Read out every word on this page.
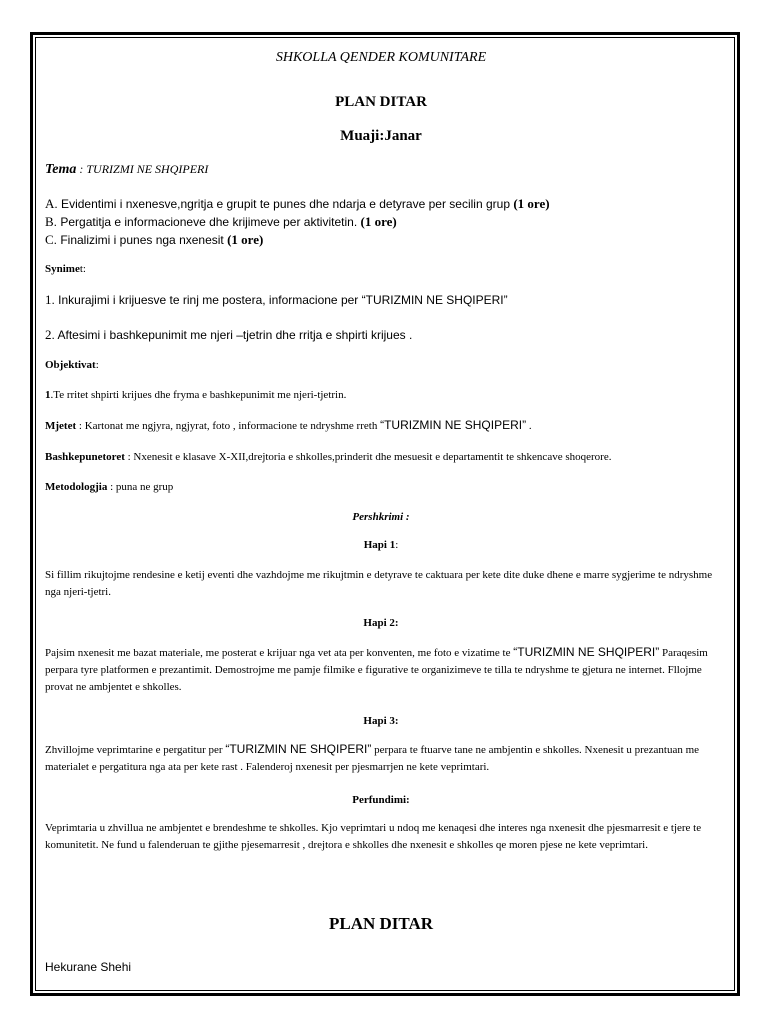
SHKOLLA QENDER KOMUNITARE

PLAN DITAR

Muaji:Janar

Tema : TURIZMI NE SHQIPERI

A. Evidentimi i nxenesve,ngritja e grupit te punes dhe ndarja e detyrave per secilin grup (1 ore)

B. Pergatitja e informacioneve dhe krijimeve per aktivitetin. (1 ore)

C. Finalizimi i punes nga nxenesit (1 ore)

Synimet:

1. Inkurajimi i krijuesve te rinj me postera, informacione per “TURIZMIN NE SHQIPERI”

2. Aftesimi i bashkepunimit me njeri –tjetrin dhe rritja e shpirti krijues .

Objektivat:

1.Te rritet shpirti krijues dhe fryma e bashkepunimit me njeri-tjetrin.

Mjetet : Kartonat me ngjyra, ngjyrat, foto , informacione te ndryshme rreth “TURIZMIN NE SHQIPERI” .

Bashkepunetoret : Nxenesit e klasave X-XII,drejtoria e shkolles,prinderit dhe mesuesit e departamentit te shkencave shoqerore.

Metodologjia : puna ne grup

Pershkrimi :

Hapi 1:

Si fillim rikujtojme rendesine e ketij eventi dhe vazhdojme me rikujtmin e detyrave te caktuara per kete dite duke dhene e marre sygjerime te ndryshme nga njeri-tjetri.

Hapi 2:

Pajsim nxenesit me bazat materiale, me posterat e krijuar nga vet ata per konventen, me foto e vizatime te “TURIZMIN NE SHQIPERI” Paraqesim perpara tyre platformen e prezantimit. Demostrojme me pamje filmike e figurative te organizimeve te tilla te ndryshme te gjetura ne internet. Fllojme provat ne ambjentet e shkolles.

Hapi 3:

Zhvillojme veprimtarine e pergatitur per “TURIZMIN NE SHQIPERI” perpara te ftuarve tane ne ambjentin e shkolles. Nxenesit u prezantuan me materialet e pergatitura nga ata per kete rast . Falenderoj nxenesit per pjesmarrjen ne kete veprimtari.

Perfundimi:

Veprimtaria u zhvillua ne ambjentet e brendeshme te shkolles. Kjo veprimtari u ndoq me kenaqesi dhe interes nga nxenesit dhe pjesmarresit e tjere te komunitetit. Ne fund u falenderuan te gjithe pjesemarresit , drejtora e shkolles dhe nxenesit e shkolles qe moren pjese ne kete veprimtari.

PLAN DITAR

Hekurane Shehi
